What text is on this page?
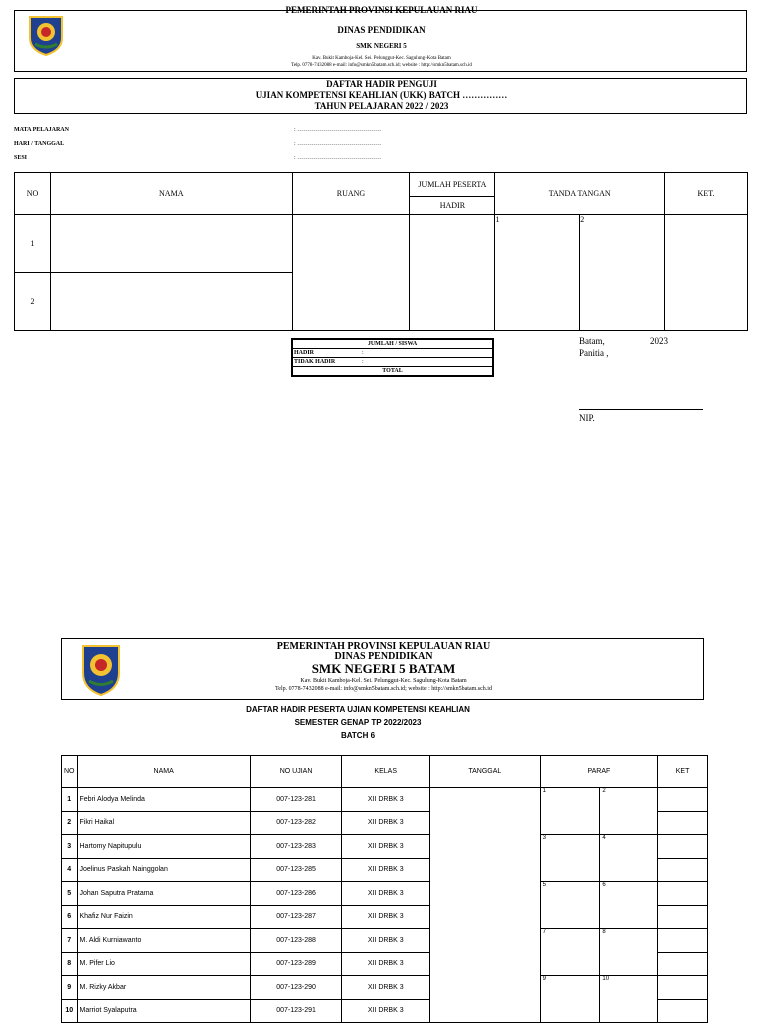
PEMERINTAH PROVINSI KEPULAUAN RIAU
DINAS PENDIDIKAN
SMK NEGERI 5
Kav. Bukit Kamboja-Kel. Sei. Pelunggut-Kec. Sagulung-Kota Batam
Telp. 0778-7432088 e-mail: info@smkn5batam.sch.id; website : http://smkn5batam.sch.id
DAFTAR HADIR PENGUJI
UJIAN KOMPETENSI KEAHLIAN (UKK) BATCH ……………
TAHUN PELAJARAN 2022 / 2023
MATA PELAJARAN	: ……………………………………
HARI / TANGGAL	: ……………………………………
SESI	: ……………………………………
NO	NAMA	RUANG	JUMLAH PESERTA	TANDA TANGAN		KET.
			HADIR			
1				1	2	
2						
JUMLAH / SISWA	
HADIR	:
TIDAK HADIR	:
TOTAL	
Batam,	2023
Panitia ,
NIP.
PEMERINTAH PROVINSI KEPULAUAN RIAU
DINAS PENDIDIKAN
SMK NEGERI 5 BATAM
Kav. Bukit Kamboja-Kel. Sei. Pelunggut-Kec. Sagulung-Kota Batam
Telp. 0778-7432088 e-mail: info@smkn5batam.sch.id; website : http://smkn5batam.sch.id
DAFTAR HADIR PESERTA UJIAN KOMPETENSI KEAHLIAN
SEMESTER GENAP TP 2022/2023
BATCH 6
NO	NAMA	NO UJIAN	KELAS	TANGGAL	PARAF		KET
1	Febri Alodya Melinda	007-123-281	XII DRBK 3		1	2	
2	Fikri Haikal	007-123-282	XII DRBK 3				
3	Hartomy Napitupulu	007-123-283	XII DRBK 3		3	4	
4	Joelinus Paskah Nainggolan	007-123-285	XII DRBK 3				
5	Johan Saputra Pratama	007-123-286	XII DRBK 3		5	6	
6	Khafiz Nur Faizin	007-123-287	XII DRBK 3				
7	M. Aldi Kurniawanto	007-123-288	XII DRBK 3		7	8	
8	M. Pifer Lio	007-123-289	XII DRBK 3				
9	M. Rizky Akbar	007-123-290	XII DRBK 3		9	10	
10	Marriot Syalaputra	007-123-291	XII DRBK 3				
